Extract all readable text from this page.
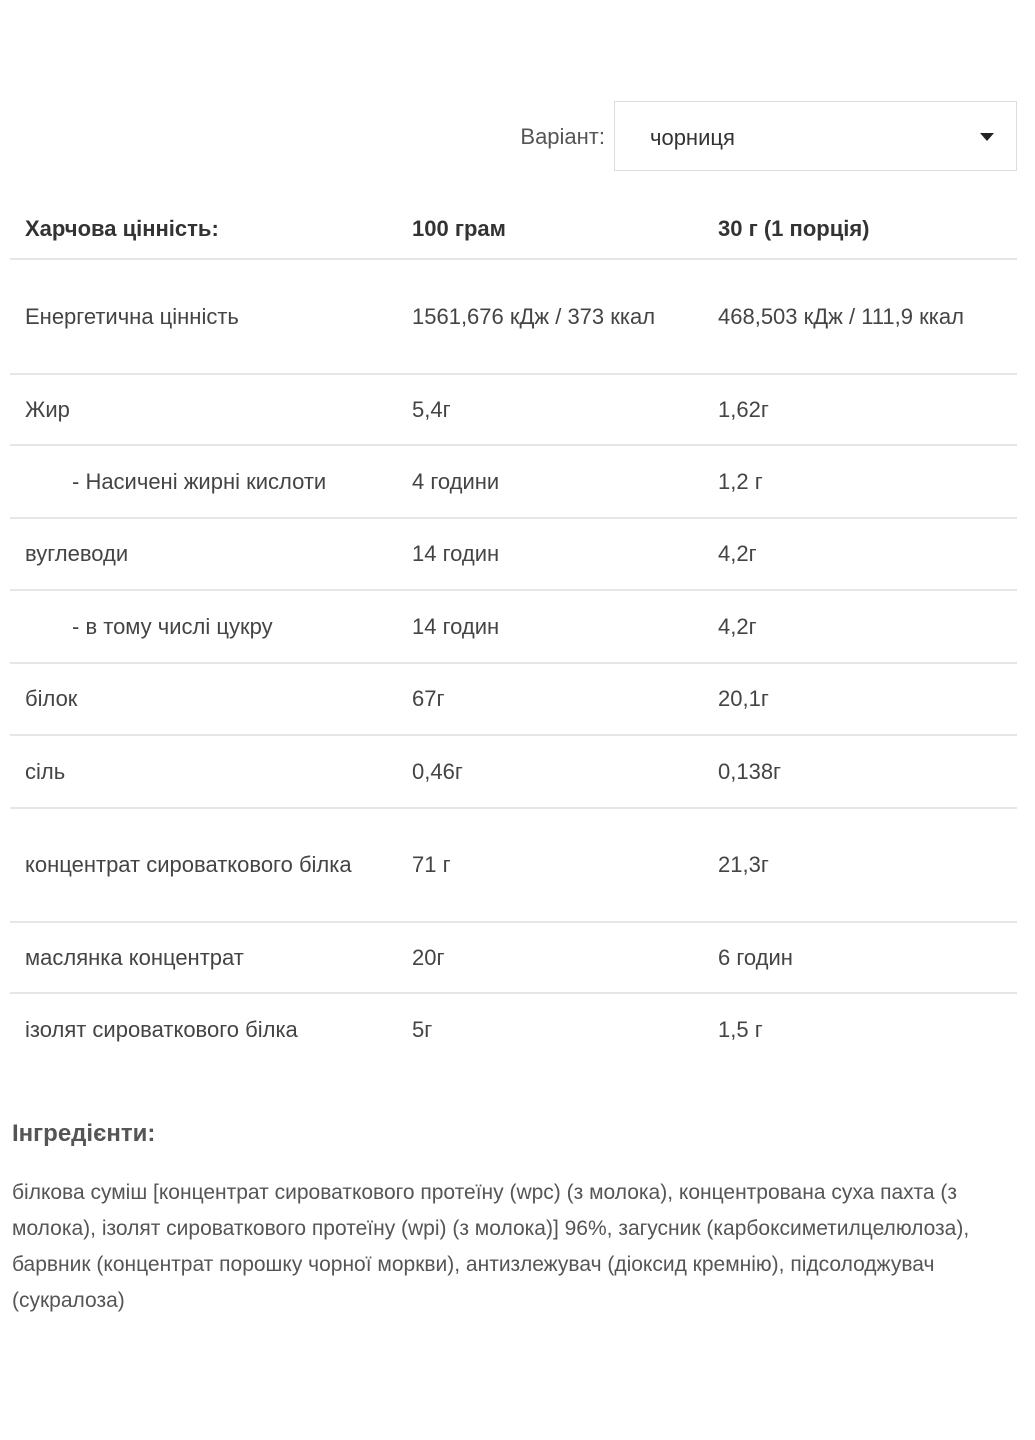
Варіант: чорниця
Харчова цінність:	100 грам	30 г (1 порція)
Енергетична цінність	1561,676 кДж / 373 ккал	468,503 кДж / 111,9 ккал
Жир	5,4г	1,62г
- Насичені жирні кислоти	4 години	1,2 г
вуглеводи	14 годин	4,2г
- в тому числі цукру	14 годин	4,2г
білок	67г	20,1г
сіль	0,46г	0,138г
концентрат сироваткового білка	71 г	21,3г
маслянка концентрат	20г	6 годин
ізолят сироваткового білка	5г	1,5 г
Інгредієнти:
білкова суміш [концентрат сироваткового протеїну (wpc) (з молока), концентрована суха пахта (з молока), ізолят сироваткового протеїну (wpi) (з молока)] 96%, загусник (карбоксиметилцелюлоза), барвник (концентрат порошку чорної моркви), антизлежувач (діоксид кремнію), підсолоджувач (сукралоза)
